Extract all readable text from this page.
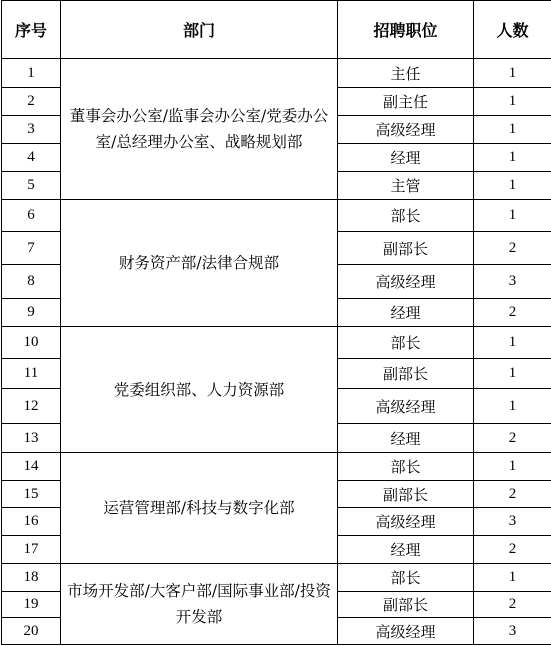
序号	部门	招聘职位	人数
1	董事会办公室/监事会办公室/党委办公室/总经理办公室、战略规划部	主任	1
2		副主任	1
3		高级经理	1
4		经理	1
5		主管	1
6	财务资产部/法律合规部	部长	1
7		副部长	2
8		高级经理	3
9		经理	2
10	党委组织部、人力资源部	部长	1
11		副部长	1
12		高级经理	1
13		经理	2
14	运营管理部/科技与数字化部	部长	1
15		副部长	2
16		高级经理	3
17		经理	2
18	市场开发部/大客户部/国际事业部/投资开发部	部长	1
19		副部长	2
20		高级经理	3
